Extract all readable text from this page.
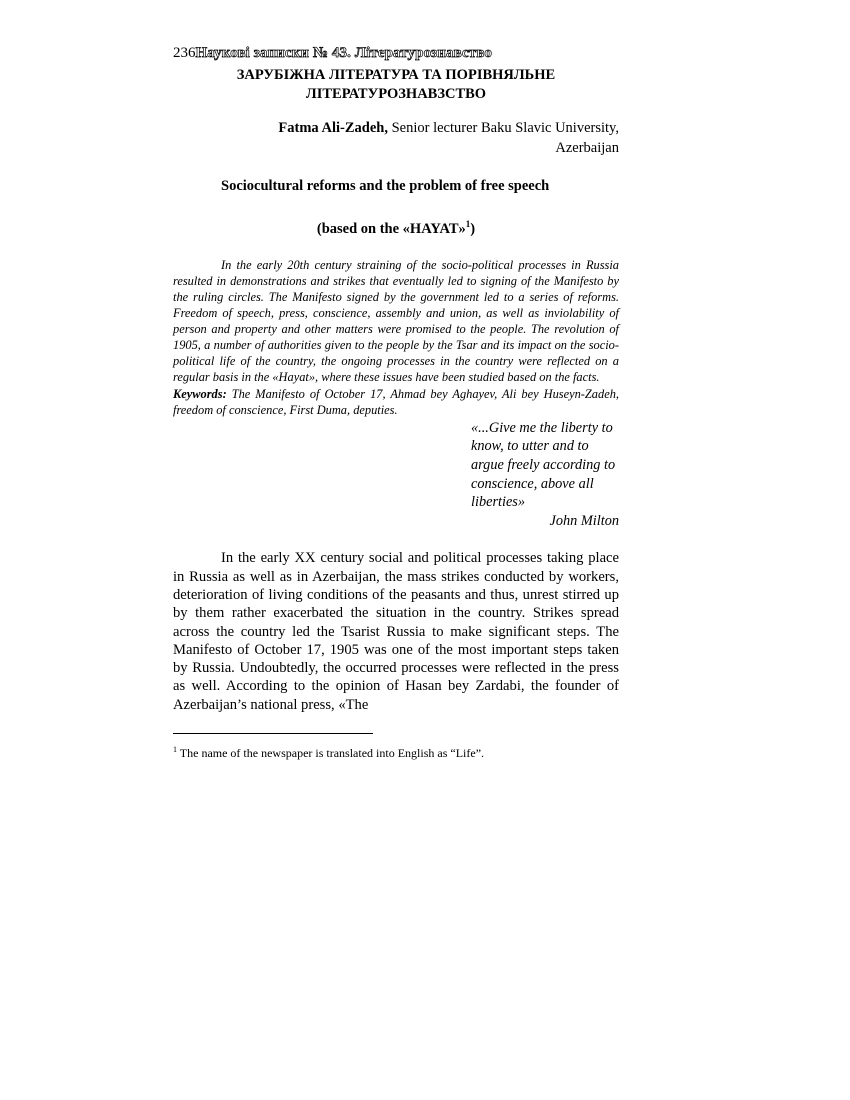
236Наукові записки № 43. Літературознавство
ЗАРУБІЖНА ЛІТЕРАТУРА ТА ПОРІВНЯЛЬНЕ
ЛІТЕРАТУРОЗНАВЗСТВО
Fatma Ali-Zadeh, Senior lecturer Baku Slavic University, Azerbaijan
Sociocultural reforms and the problem of free speech
(based on the «HAYAT»$^1$)
In the early 20th century straining of the socio-political processes in Russia resulted in demonstrations and strikes that eventually led to signing of the Manifesto by the ruling circles. The Manifesto signed by the government led to a series of reforms. Freedom of speech, press, conscience, assembly and union, as well as inviolability of person and property and other matters were promised to the people. The revolution of 1905, a number of authorities given to the people by the Tsar and its impact on the socio-political life of the country, the ongoing processes in the country were reflected on a regular basis in the «Hayat», where these issues have been studied based on the facts.
Keywords: The Manifesto of October 17, Ahmad bey Aghayev, Ali bey Huseyn-Zadeh, freedom of conscience, First Duma, deputies.
«...Give me the liberty to know, to utter and to argue freely according to conscience, above all liberties»
John Milton
In the early XX century social and political processes taking place in Russia as well as in Azerbaijan, the mass strikes conducted by workers, deterioration of living conditions of the peasants and thus, unrest stirred up by them rather exacerbated the situation in the country. Strikes spread across the country led the Tsarist Russia to make significant steps. The Manifesto of October 17, 1905 was one of the most important steps taken by Russia. Undoubtedly, the occurred processes were reflected in the press as well. According to the opinion of Hasan bey Zardabi, the founder of Azerbaijan’s national press, «The
$^1$ The name of the newspaper is translated into English as “Life”.
